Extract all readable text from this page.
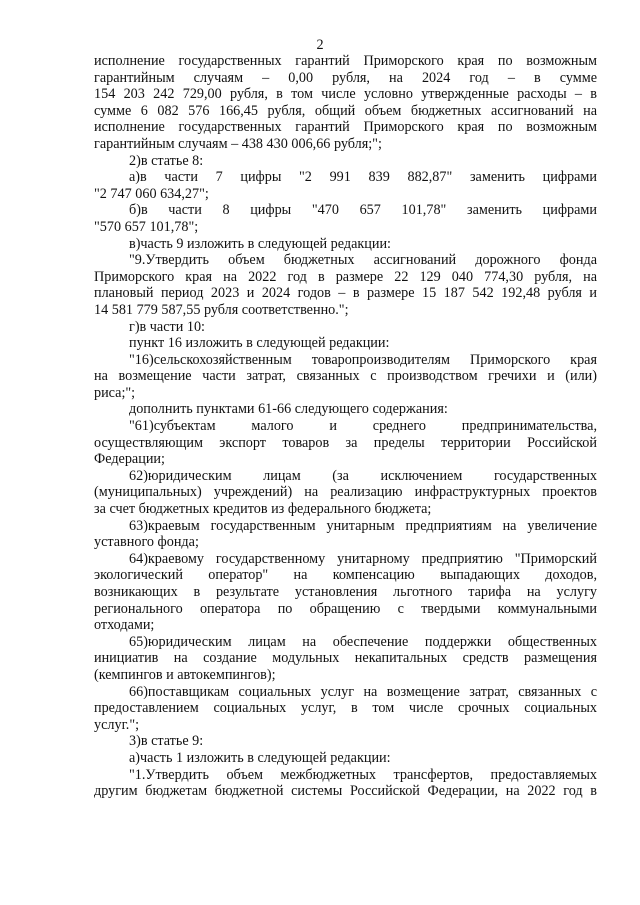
2
исполнение государственных гарантий Приморского края по возможным
гарантийным случаям – 0,00 рубля, на 2024 год – в сумме
154 203 242 729,00 рубля, в том числе условно утвержденные расходы – в
сумме 6 082 576 166,45 рубля, общий объем бюджетных ассигнований на
исполнение государственных гарантий Приморского края по возможным
гарантийным случаям – 438 430 006,66 рубля;";
2)в статье 8:
а)в части 7 цифры "2 991 839 882,87" заменить цифрами
"2 747 060 634,27";
б)в части 8 цифры "470 657 101,78" заменить цифрами
"570 657 101,78";
в)часть 9 изложить в следующей редакции:
"9.Утвердить объем бюджетных ассигнований дорожного фонда
Приморского края на 2022 год в размере 22 129 040 774,30 рубля, на
плановый период 2023 и 2024 годов – в размере 15 187 542 192,48 рубля и
14 581 779 587,55 рубля соответственно.";
г)в части 10:
пункт 16 изложить в следующей редакции:
"16)сельскохозяйственным товаропроизводителям Приморского края
на возмещение части затрат, связанных с производством гречихи и (или)
риса;";
дополнить пунктами 61-66 следующего содержания:
"61)субъектам малого и среднего предпринимательства,
осуществляющим экспорт товаров за пределы территории Российской
Федерации;
62)юридическим лицам (за исключением государственных
(муниципальных) учреждений) на реализацию инфраструктурных проектов
за счет бюджетных кредитов из федерального бюджета;
63)краевым государственным унитарным предприятиям на увеличение
уставного фонда;
64)краевому государственному унитарному предприятию "Приморский
экологический оператор" на компенсацию выпадающих доходов,
возникающих в результате установления льготного тарифа на услугу
регионального оператора по обращению с твердыми коммунальными
отходами;
65)юридическим лицам на обеспечение поддержки общественных
инициатив на создание модульных некапитальных средств размещения
(кемпингов и автокемпингов);
66)поставщикам социальных услуг на возмещение затрат, связанных с
предоставлением социальных услуг, в том числе срочных социальных
услуг.";
3)в статье 9:
а)часть 1 изложить в следующей редакции:
"1.Утвердить объем межбюджетных трансфертов, предоставляемых
другим бюджетам бюджетной системы Российской Федерации, на 2022 год в
